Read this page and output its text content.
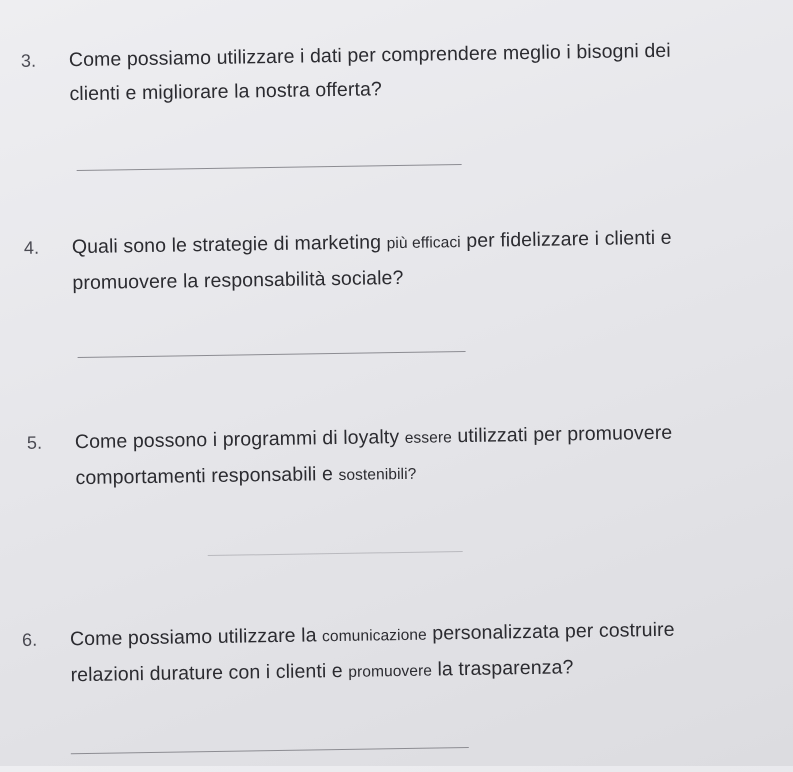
3. Come possiamo utilizzare i dati per comprendere meglio i bisogni dei
clienti e migliorare la nostra offerta?
4. Quali sono le strategie di marketing più efficaci per fidelizzare i clienti e
promuovere la responsabilità sociale?
5. Come possono i programmi di loyalty essere utilizzati per promuovere
comportamenti responsabili e sostenibili?
6. Come possiamo utilizzare la comunicazione personalizzata per costruire
relazioni durature con i clienti e promuovere la trasparenza?
